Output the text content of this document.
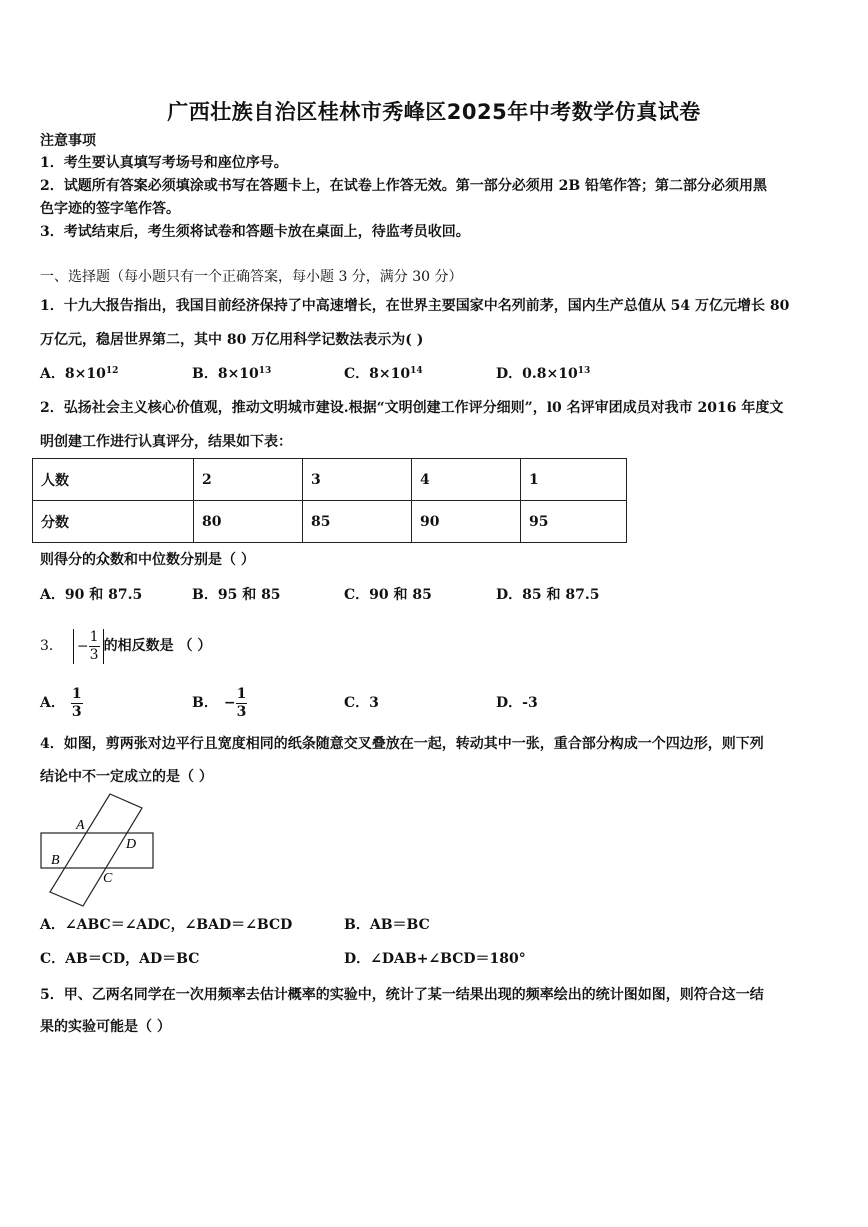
广西壮族自治区桂林市秀峰区2025年中考数学仿真试卷
注意事项
1．考生要认真填写考场号和座位序号。
2．试题所有答案必须填涂或书写在答题卡上，在试卷上作答无效。第一部分必须用 2B 铅笔作答；第二部分必须用黑
色字迹的签字笔作答。
3．考试结束后，考生须将试卷和答题卡放在桌面上，待监考员收回。
一、选择题（每小题只有一个正确答案，每小题 3 分，满分 30 分）
1．十九大报告指出，我国目前经济保持了中高速增长，在世界主要国家中名列前茅，国内生产总值从 54 万亿元增长 80
万亿元，稳居世界第二，其中 80 万亿用科学记数法表示为( )
A．$8\times 10^{12}$	B．$8\times 10^{13}$	C．$8\times 10^{14}$	D．$0.8\times 10^{13}$
2．弘扬社会主义核心价值观，推动文明城市建设.根据“文明创建工作评分细则”，l0 名评审团成员对我市 2016 年度文
明创建工作进行认真评分，结果如下表：
人数	2	3	4	1
分数	80	85	90	95
则得分的众数和中位数分别是（ ）
A．90 和 87.5	B．95 和 85	C．90 和 85	D．85 和 87.5
3． − $\frac{1}{3}$ 的相反数是 （ ）
A． $\frac{1}{3}$	B． − $\frac{1}{3}$	C．3	D．-3
4．如图，剪两张对边平行且宽度相同的纸条随意交叉叠放在一起，转动其中一张，重合部分构成一个四边形，则下列
结论中不一定成立的是（ ）
A
D
B
C
A．∠ABC＝∠ADC，∠BAD＝∠BCD	B．AB＝BC
C．AB＝CD，AD＝BC	D．∠DAB+∠BCD＝180°
5．甲、乙两名同学在一次用频率去估计概率的实验中，统计了某一结果出现的频率绘出的统计图如图，则符合这一结
果的实验可能是（ ）
